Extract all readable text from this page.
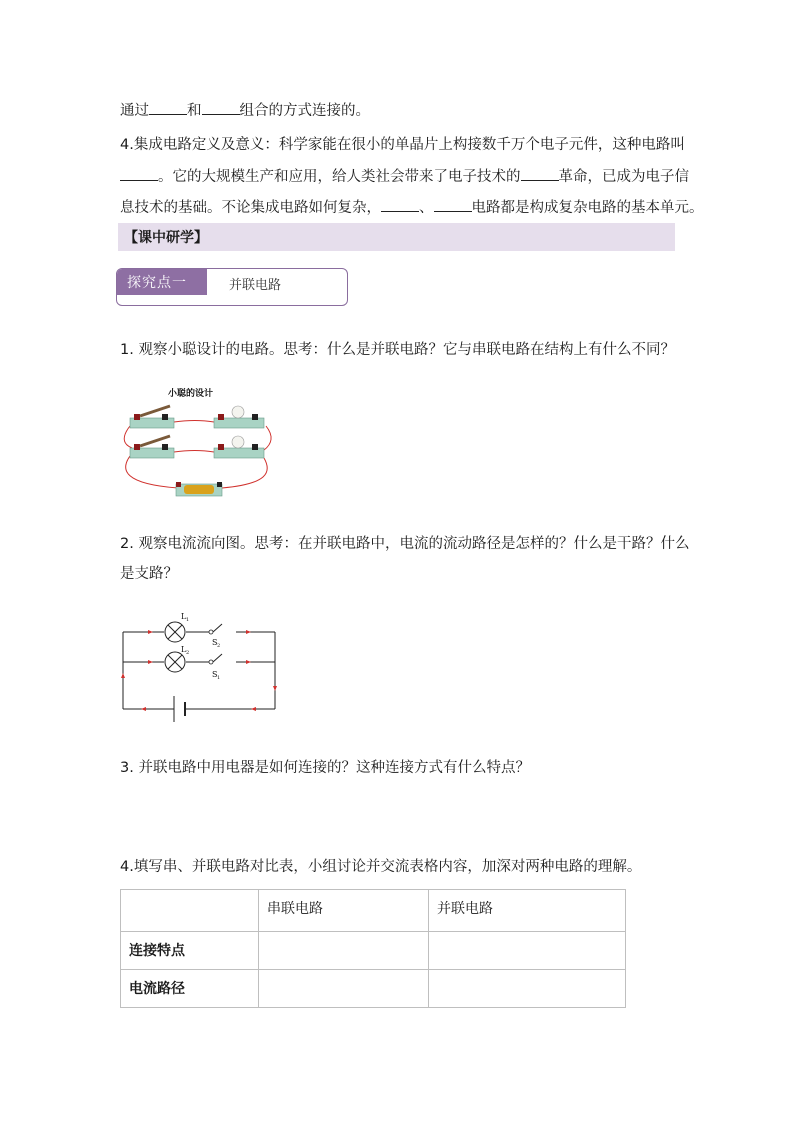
通过	和	组合的方式连接的。
4.集成电路定义及意义：科学家能在很小的单晶片上构接数千万个电子元件，这种电路叫
。它的大规模生产和应用，给人类社会带来了电子技术的	革命，已成为电子信
息技术的基础。不论集成电路如何复杂，	、	电路都是构成复杂电路的基本单元。
【课中研学】
探究点一	并联电路
1. 观察小聪设计的电路。思考：什么是并联电路？它与串联电路在结构上有什么不同？
小聪的设计
2. 观察电流流向图。思考：在并联电路中，电流的流动路径是怎样的？什么是干路？什么
是支路？
L 1
S 2
L 2
S 1
3. 并联电路中用电器是如何连接的？这种连接方式有什么特点？
4.填写串、并联电路对比表，小组讨论并交流表格内容，加深对两种电路的理解。
	串联电路	并联电路
连接特点		
电流路径		
